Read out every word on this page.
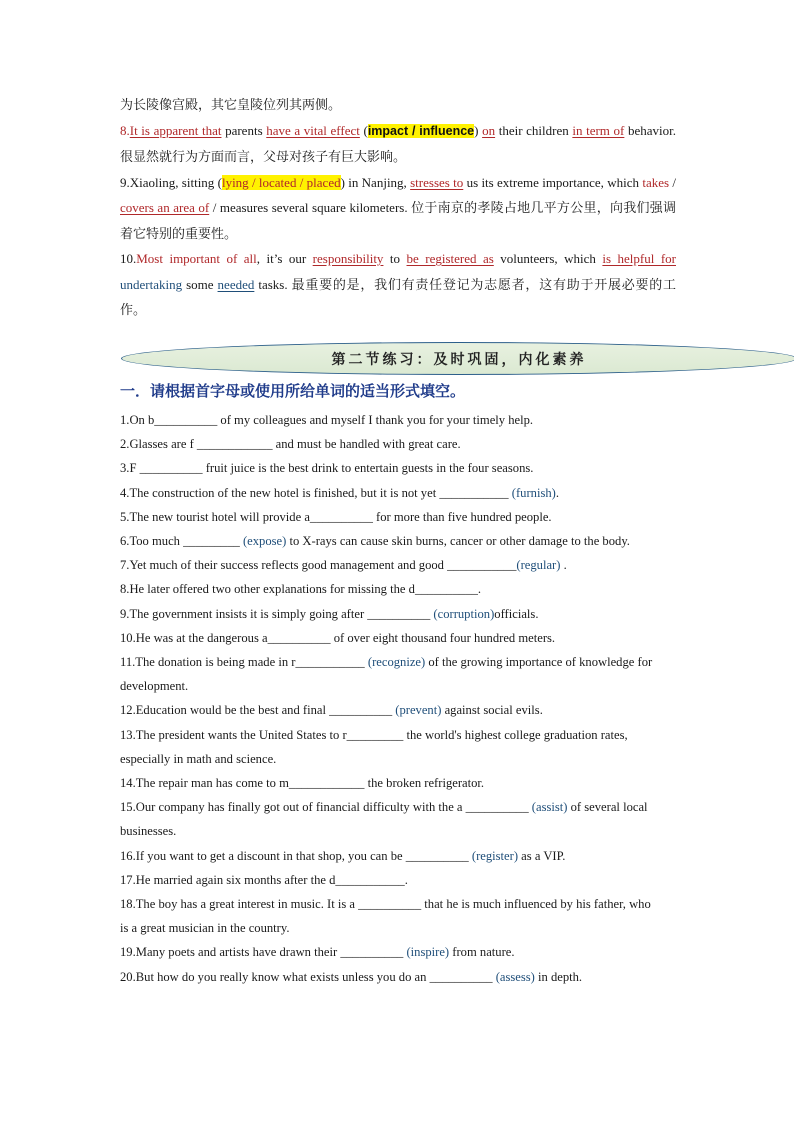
为长陵像宫殿，其它皇陵位列其两侧。

8.It is apparent that parents have a vital effect (impact / influence) on their children in term of behavior. 很显然就行为方面而言，父母对孩子有巨大影响。

9.Xiaoling, sitting (lying / located / placed) in Nanjing, stresses to us its extreme importance, which takes / covers an area of / measures several square kilometers. 位于南京的孝陵占地几平方公里，向我们强调着它特别的重要性。

10.Most important of all, it’s our responsibility to be registered as volunteers, which is helpful for undertaking some needed tasks. 最重要的是，我们有责任登记为志愿者，这有助于开展必要的工作。

第二节练习：及时巩固，内化素养
一．请根据首字母或使用所给单词的适当形式填空。

1.On b__________ of my colleagues and myself I thank you for your timely help.

2.Glasses are f ____________ and must be handled with great care.

3.F __________ fruit juice is the best drink to entertain guests in the four seasons.

4.The construction of the new hotel is finished, but it is not yet ___________ (furnish).

5.The new tourist hotel will provide a__________ for more than five hundred people.

6.Too much _________ (expose) to X-rays can cause skin burns, cancer or other damage to the body.

7.Yet much of their success reflects good management and good ___________(regular) .

8.He later offered two other explanations for missing the d__________.

9.The government insists it is simply going after __________ (corruption)officials.

10.He was at the dangerous a__________ of over eight thousand four hundred meters.

11.The donation is being made in r___________ (recognize) of the growing importance of knowledge for development.

12.Education would be the best and final __________ (prevent) against social evils.

13.The president wants the United States to r_________ the world's highest college graduation rates, especially in math and science.

14.The repair man has come to m____________ the broken refrigerator.

15.Our company has finally got out of financial difficulty with the a __________ (assist) of several local businesses.

16.If you want to get a discount in that shop, you can be __________ (register) as a VIP.

17.He married again six months after the d___________.

18.The boy has a great interest in music. It is a __________ that he is much influenced by his father, who is a great musician in the country.

19.Many poets and artists have drawn their __________ (inspire) from nature.

20.But how do you really know what exists unless you do an __________ (assess) in depth.
